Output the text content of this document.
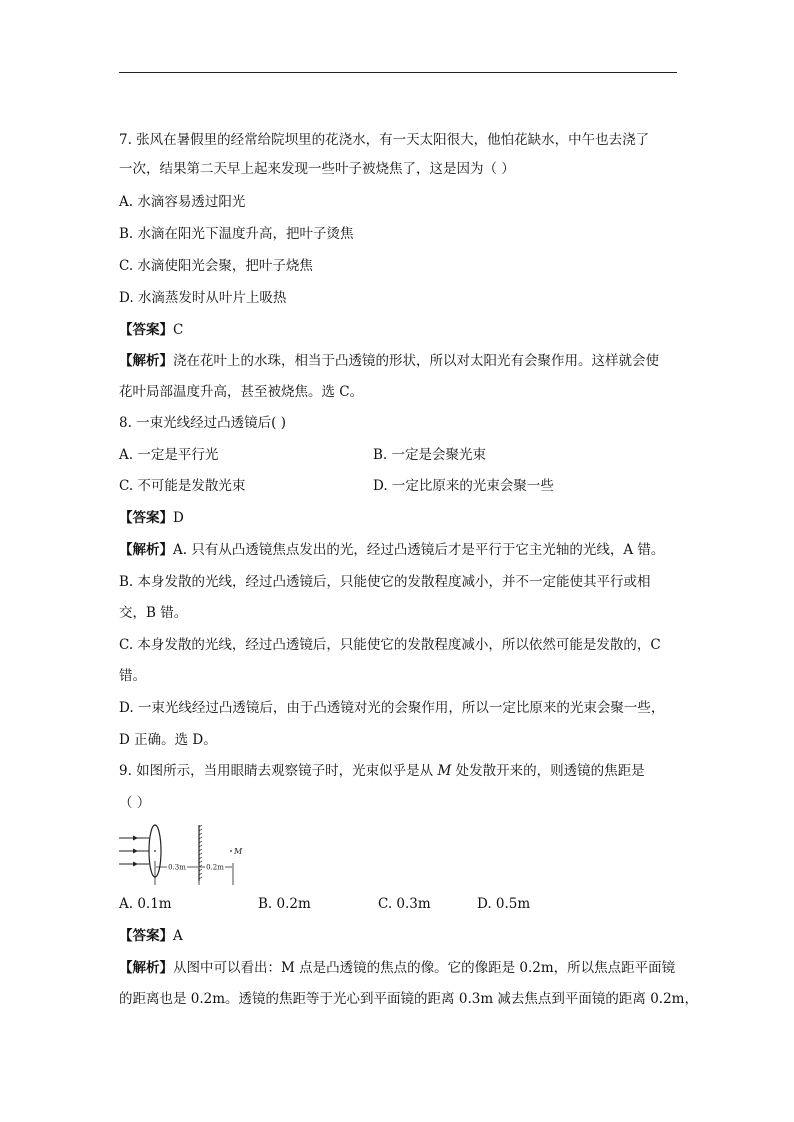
7. 张风在暑假里的经常给院坝里的花浇水，有一天太阳很大，他怕花缺水，中午也去浇了
一次，结果第二天早上起来发现一些叶子被烧焦了，这是因为（ ）
A. 水滴容易透过阳光
B. 水滴在阳光下温度升高，把叶子烫焦
C. 水滴使阳光会聚，把叶子烧焦
D. 水滴蒸发时从叶片上吸热
【答案】C
【解析】浇在花叶上的水珠，相当于凸透镜的形状，所以对太阳光有会聚作用。这样就会使
花叶局部温度升高，甚至被烧焦。选 C。
8. 一束光线经过凸透镜后( )
A. 一定是平行光	B. 一定是会聚光束
C. 不可能是发散光束	D. 一定比原来的光束会聚一些
【答案】D
【解析】A. 只有从凸透镜焦点发出的光，经过凸透镜后才是平行于它主光轴的光线，A 错。
B. 本身发散的光线，经过凸透镜后，只能使它的发散程度减小，并不一定能使其平行或相
交，B 错。
C. 本身发散的光线，经过凸透镜后，只能使它的发散程度减小，所以依然可能是发散的，C
错。
D. 一束光线经过凸透镜后，由于凸透镜对光的会聚作用，所以一定比原来的光束会聚一些，
D 正确。选 D。
9. 如图所示，当用眼睛去观察镜子时，光束似乎是从 M 处发散开来的，则透镜的焦距是
（ ）
M
0.3m	0.2m
A. 0.1m	B. 0.2m	C. 0.3m	D. 0.5m
【答案】A
【解析】从图中可以看出：M 点是凸透镜的焦点的像。它的像距是 0.2m，所以焦点距平面镜
的距离也是 0.2m。透镜的焦距等于光心到平面镜的距离 0.3m 减去焦点到平面镜的距离 0.2m，
